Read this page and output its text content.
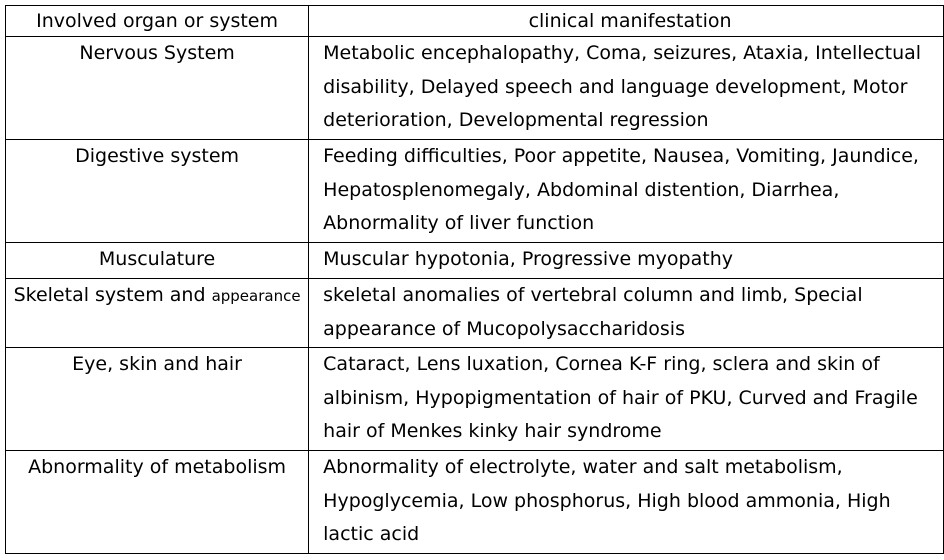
Involved organ or system	clinical manifestation
Nervous System	Metabolic encephalopathy, Coma, seizures, Ataxia, Intellectual disability, Delayed speech and language development, Motor deterioration, Developmental regression
Digestive system	Feeding difficulties, Poor appetite, Nausea, Vomiting, Jaundice, Hepatosplenomegaly, Abdominal distention, Diarrhea, Abnormality of liver function
Musculature	Muscular hypotonia, Progressive myopathy
Skeletal system and appearance	skeletal anomalies of vertebral column and limb, Special appearance of Mucopolysaccharidosis
Eye, skin and hair	Cataract, Lens luxation, Cornea K-F ring, sclera and skin of albinism, Hypopigmentation of hair of PKU, Curved and Fragile hair of Menkes kinky hair syndrome
Abnormality of metabolism	Abnormality of electrolyte, water and salt metabolism, Hypoglycemia, Low phosphorus, High blood ammonia, High lactic acid
